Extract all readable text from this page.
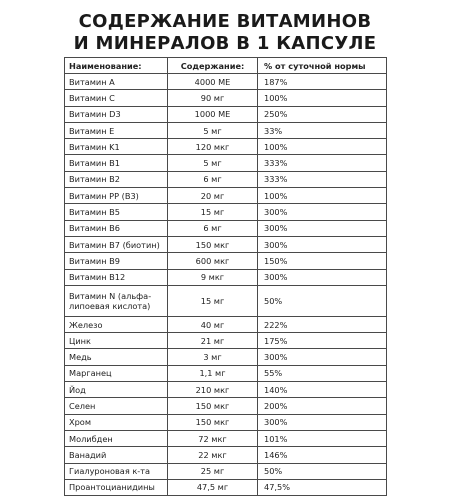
СОДЕРЖАНИЕ ВИТАМИНОВ
И МИНЕРАЛОВ В 1 КАПСУЛЕ
Наименование:	Содержание:	% от суточной нормы
Витамин A	4000 МЕ	187%
Витамин C	90 мг	100%
Витамин D3	1000 МЕ	250%
Витамин E	5 мг	33%
Витамин K1	120 мкг	100%
Витамин B1	5 мг	333%
Витамин B2	6 мг	333%
Витамин PP (B3)	20 мг	100%
Витамин B5	15 мг	300%
Витамин B6	6 мг	300%
Витамин B7 (биотин)	150 мкг	300%
Витамин B9	600 мкг	150%
Витамин B12	9 мкг	300%
Витамин N (альфа-липоевая кислота)	15 мг	50%
Железо	40 мг	222%
Цинк	21 мг	175%
Медь	3 мг	300%
Марганец	1,1 мг	55%
Йод	210 мкг	140%
Селен	150 мкг	200%
Хром	150 мкг	300%
Молибден	72 мкг	101%
Ванадий	22 мкг	146%
Гиалуроновая к-та	25 мг	50%
Проантоцианидины	47,5 мг	47,5%
